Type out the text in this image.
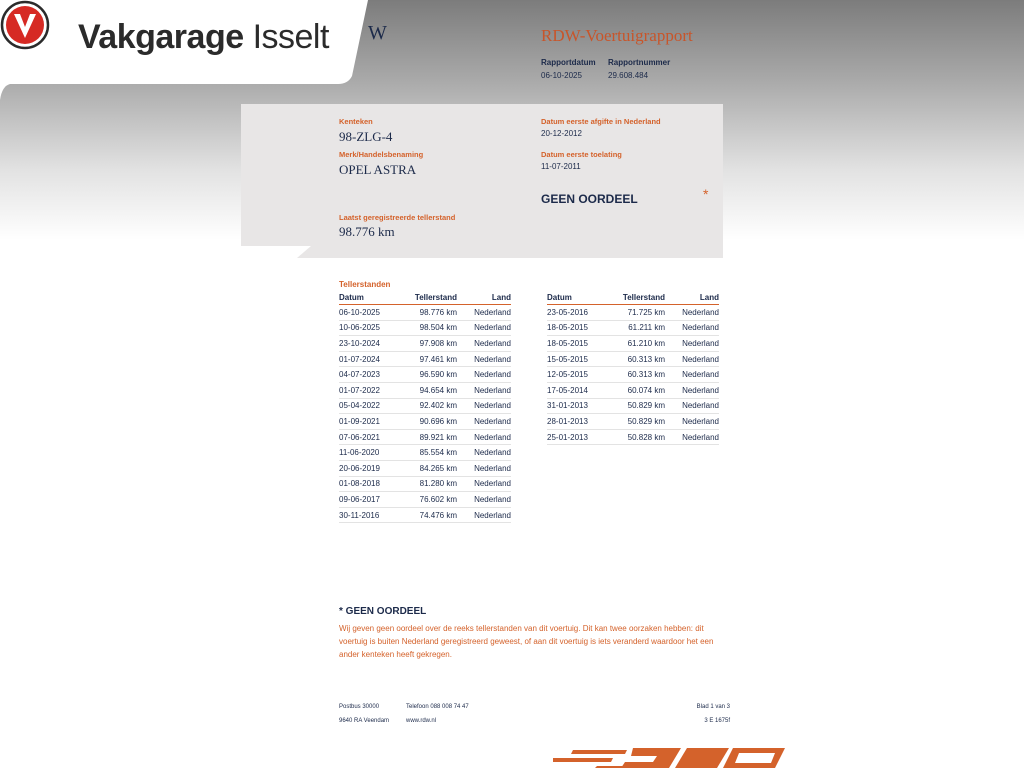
Vakgarage Isselt W	RDW-Voertuigrapport
Rapportdatum
06-10-2025
Rapportnummer
29.608.484
Kenteken
98-ZLG-4
Merk/Handelsbenaming
OPEL ASTRA
Datum eerste afgifte in Nederland
20-12-2012
Datum eerste toelating
11-07-2011
GEEN OORDEEL	*
Laatst geregistreerde tellerstand
98.776 km
Tellerstanden
Datum	Tellerstand	Land
06-10-2025	98.776 km	Nederland
10-06-2025	98.504 km	Nederland
23-10-2024	97.908 km	Nederland
01-07-2024	97.461 km	Nederland
04-07-2023	96.590 km	Nederland
01-07-2022	94.654 km	Nederland
05-04-2022	92.402 km	Nederland
01-09-2021	90.696 km	Nederland
07-06-2021	89.921 km	Nederland
11-06-2020	85.554 km	Nederland
20-06-2019	84.265 km	Nederland
01-08-2018	81.280 km	Nederland
09-06-2017	76.602 km	Nederland
30-11-2016	74.476 km	Nederland
Datum	Tellerstand	Land
23-05-2016	71.725 km	Nederland
18-05-2015	61.211 km	Nederland
18-05-2015	61.210 km	Nederland
15-05-2015	60.313 km	Nederland
12-05-2015	60.313 km	Nederland
17-05-2014	60.074 km	Nederland
31-01-2013	50.829 km	Nederland
28-01-2013	50.829 km	Nederland
25-01-2013	50.828 km	Nederland
* GEEN OORDEEL
Wij geven geen oordeel over de reeks tellerstanden van dit voertuig. Dit kan twee oorzaken hebben: dit voertuig is buiten Nederland geregistreerd geweest, of aan dit voertuig is iets veranderd waardoor het een ander kenteken heeft gekregen.
Postbus 30000
9640 RA Veendam
Telefoon 088 008 74 47
www.rdw.nl
Blad 1 van 3
3 E 1675f
